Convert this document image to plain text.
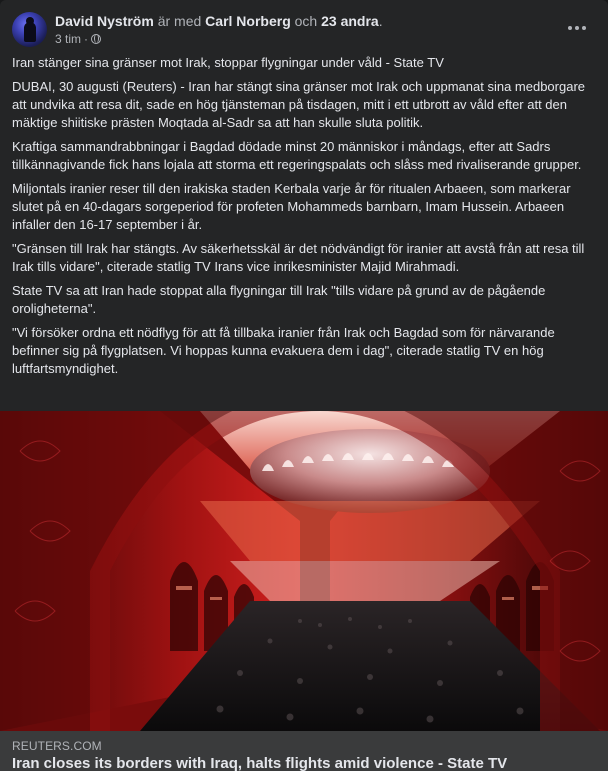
David Nyström är med Carl Norberg och 23 andra.
3 tim ·

Iran stänger sina gränser mot Irak, stoppar flygningar under våld - State TV

DUBAI, 30 augusti (Reuters) - Iran har stängt sina gränser mot Irak och uppmanat sina medborgare att undvika att resa dit, sade en hög tjänsteman på tisdagen, mitt i ett utbrott av våld efter att den mäktige shiitiske prästen Moqtada al-Sadr sa att han skulle sluta politik.

Kraftiga sammandrabbningar i Bagdad dödade minst 20 människor i måndags, efter att Sadrs tillkännagivande fick hans lojala att storma ett regeringspalats och slåss med rivaliserande grupper.

Miljontals iranier reser till den irakiska staden Kerbala varje år för ritualen Arbaeen, som markerar slutet på en 40-dagars sorgeperiod för profeten Mohammeds barnbarn, Imam Hussein. Arbaeen infaller den 16-17 september i år.

"Gränsen till Irak har stängts. Av säkerhetsskäl är det nödvändigt för iranier att avstå från att resa till Irak tills vidare", citerade statlig TV Irans vice inrikesminister Majid Mirahmadi.

State TV sa att Iran hade stoppat alla flygningar till Irak "tills vidare på grund av de pågående oroligheterna".

"Vi försöker ordna ett nödflyg för att få tillbaka iranier från Irak och Bagdad som för närvarande befinner sig på flygplatsen. Vi hoppas kunna evakuera dem i dag", citerade statlig TV en hög luftfartsmyndighet.

REUTERS.COM
Iran closes its borders with Iraq, halts flights amid violence - State TV
